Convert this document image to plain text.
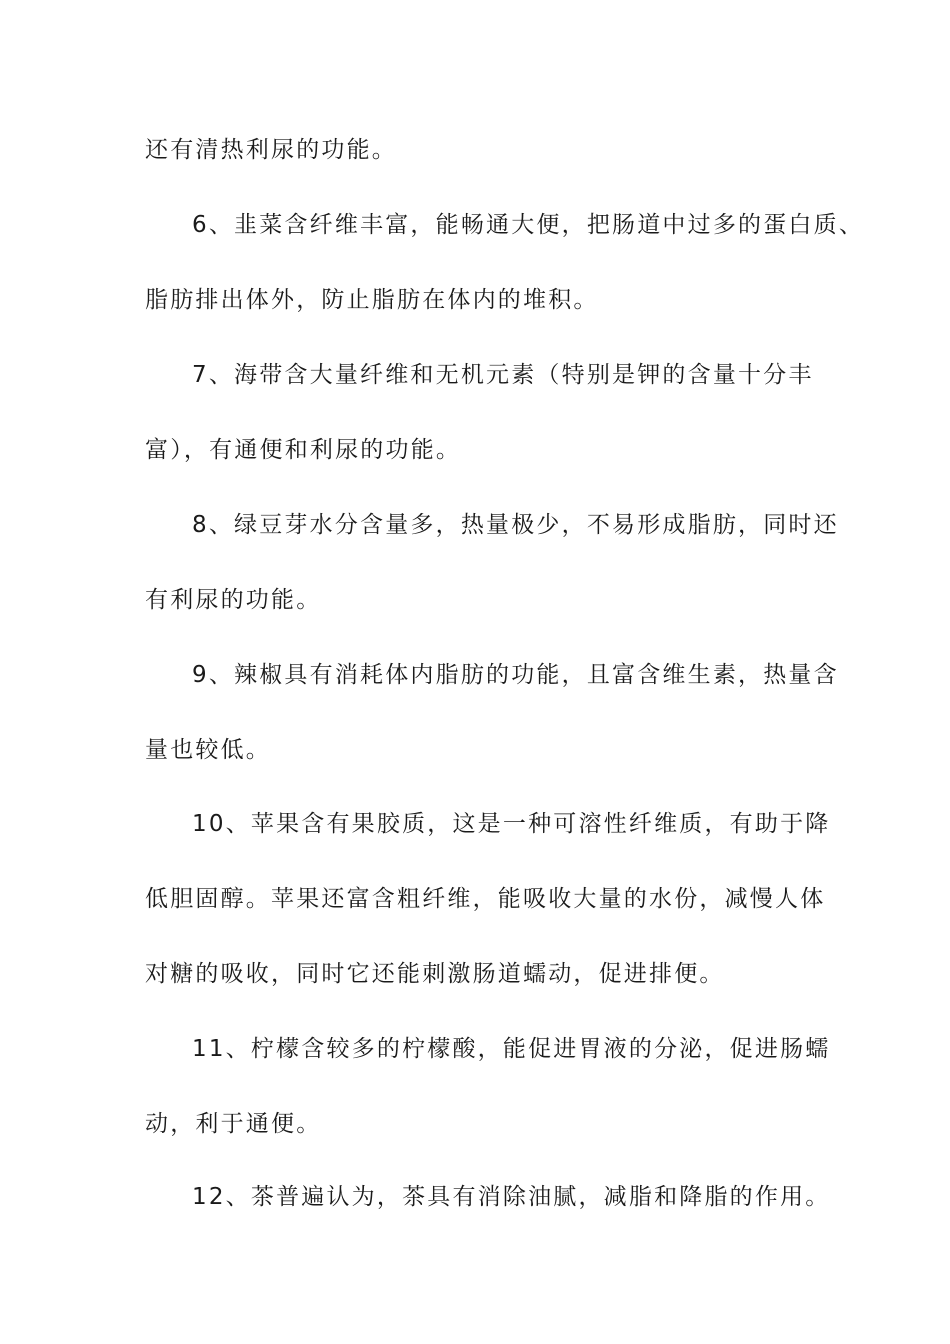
还有清热利尿的功能。
6、韭菜含纤维丰富，能畅通大便，把肠道中过多的蛋白质、
脂肪排出体外，防止脂肪在体内的堆积。
7、海带含大量纤维和无机元素（特别是钾的含量十分丰
富），有通便和利尿的功能。
8、绿豆芽水分含量多，热量极少，不易形成脂肪，同时还
有利尿的功能。
9、辣椒具有消耗体内脂肪的功能，且富含维生素，热量含
量也较低。
10、苹果含有果胶质，这是一种可溶性纤维质，有助于降
低胆固醇。苹果还富含粗纤维，能吸收大量的水份，减慢人体
对糖的吸收，同时它还能刺激肠道蠕动，促进排便。
11、柠檬含较多的柠檬酸，能促进胃液的分泌，促进肠蠕
动，利于通便。
12、茶普遍认为，茶具有消除油腻，减脂和降脂的作用。
